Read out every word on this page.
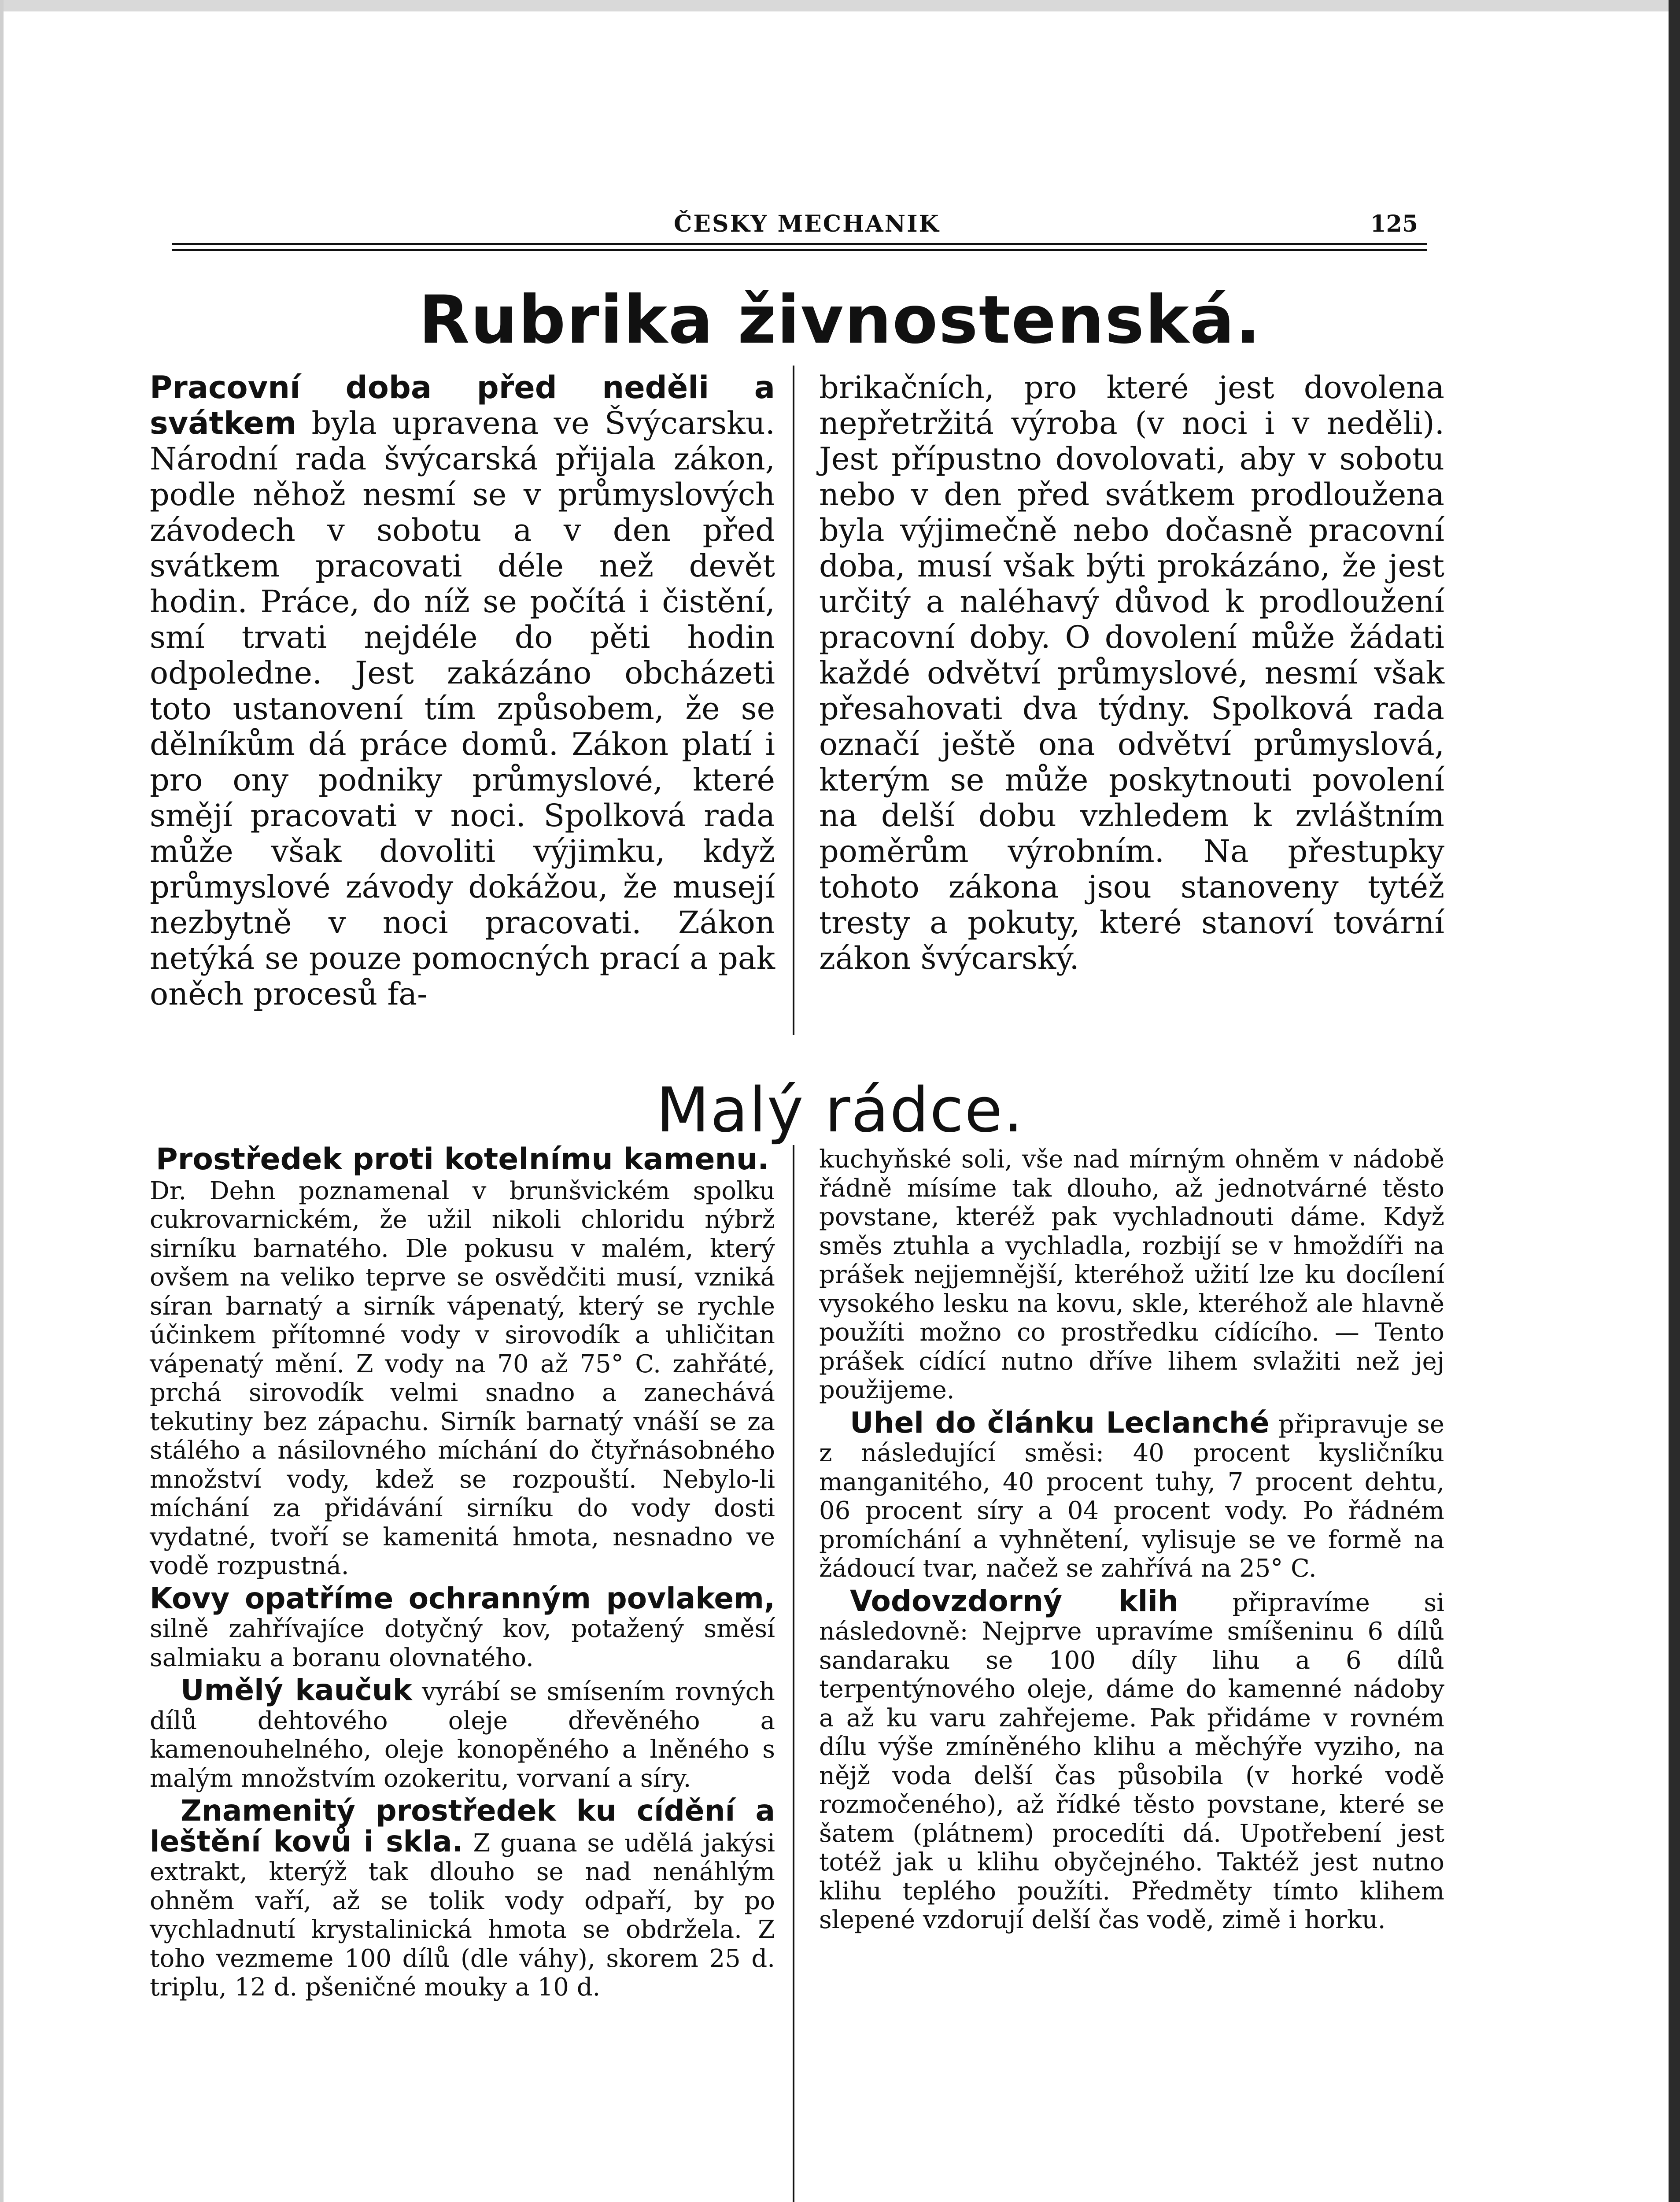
ČESKY MECHANIK	125
Rubrika živnostenská.

Pracovní doba před neděli a svátkem byla upravena ve Švýcarsku. Národní rada švýcarská přijala zákon, podle něhož nesmí se v průmyslových závodech v sobotu a v den před svátkem pracovati déle než devět hodin. Práce, do níž se počítá i čistění, smí trvati nejdéle do pěti hodin odpoledne. Jest zakázáno obcházeti toto ustanovení tím způsobem, že se dělníkům dá práce domů. Zákon platí i pro ony podniky průmyslové, které smějí pracovati v noci. Spolková rada může však dovoliti výjimku, když průmyslové závody dokážou, že musejí nezbytně v noci pracovati. Zákon netýká se pouze pomocných prací a pak oněch procesů fa-

brikačních, pro které jest dovolena nepřetržitá výroba (v noci i v neděli). Jest přípustno dovolovati, aby v sobotu nebo v den před svátkem prodloužena byla výjimečně nebo dočasně pracovní doba, musí však býti prokázáno, že jest určitý a naléhavý důvod k prodloužení pracovní doby. O dovolení může žádati každé odvětví průmyslové, nesmí však přesahovati dva týdny. Spolková rada označí ještě ona odvětví průmyslová, kterým se může poskytnouti povolení na delší dobu vzhledem k zvláštním poměrům výrobním. Na přestupky tohoto zákona jsou stanoveny tytéž tresty a pokuty, které stanoví tovární zákon švýcarský.

Malý rádce.
Prostředek proti kotelnímu kamenu.

Dr. Dehn poznamenal v brunšvickém spolku cukrovarnickém, že užil nikoli chloridu nýbrž sirníku barnatého. Dle pokusu v malém, který ovšem na veliko teprve se osvědčiti musí, vzniká síran barnatý a sirník vápenatý, který se rychle účinkem přítomné vody v sirovodík a uhličitan vápenatý mění. Z vody na 70 až 75° C. zahřáté, prchá sirovodík velmi snadno a zanechává tekutiny bez zápachu. Sirník barnatý vnáší se za stálého a násilovného míchání do čtyřnásobného množství vody, kdež se rozpouští. Nebylo-li míchání za přidávání sirníku do vody dosti vydatné, tvoří se kamenitá hmota, nesnadno ve vodě rozpustná.

Kovy opatříme ochranným povlakem, silně zahřívajíce dotyčný kov, potažený směsí salmiaku a boranu olovnatého.

Umělý kaučuk vyrábí se smísením rovných dílů dehtového oleje dřevěného a kamenouhelného, oleje konopěného a lněného s malým množstvím ozokeritu, vorvaní a síry.

Znamenitý prostředek ku cídění a leštění kovů i skla. Z guana se udělá jakýsi extrakt, kterýž tak dlouho se nad nenáhlým ohněm vaří, až se tolik vody odpaří, by po vychladnutí krystalinická hmota se obdržela. Z toho vezmeme 100 dílů (dle váhy), skorem 25 d. triplu, 12 d. pšeničné mouky a 10 d.

kuchyňské soli, vše nad mírným ohněm v nádobě řádně mísíme tak dlouho, až jednotvárné těsto povstane, kteréž pak vychladnouti dáme. Když směs ztuhla a vychladla, rozbijí se v hmoždíři na prášek nejjemnější, kteréhož užití lze ku docílení vysokého lesku na kovu, skle, kteréhož ale hlavně použíti možno co prostředku cídícího. — Tento prášek cídící nutno dříve lihem svlažiti než jej použijeme.

Uhel do článku Leclanché připravuje se z následující směsi: 40 procent kysličníku manganitého, 40 procent tuhy, 7 procent dehtu, 06 procent síry a 04 procent vody. Po řádném promíchání a vyhnětení, vylisuje se ve formě na žádoucí tvar, načež se zahřívá na 25° C.

Vodovzdorný klih připravíme si následovně: Nejprve upravíme smíšeninu 6 dílů sandaraku se 100 díly lihu a 6 dílů terpentýnového oleje, dáme do kamenné nádoby a až ku varu zahřejeme. Pak přidáme v rovném dílu výše zmíněného klihu a měchýře vyziho, na nějž voda delší čas působila (v horké vodě rozmočeného), až řídké těsto povstane, které se šatem (plátnem) procedíti dá. Upotřebení jest totéž jak u klihu obyčejného. Taktéž jest nutno klihu teplého použíti. Předměty tímto klihem slepené vzdorují delší čas vodě, zimě i horku.
